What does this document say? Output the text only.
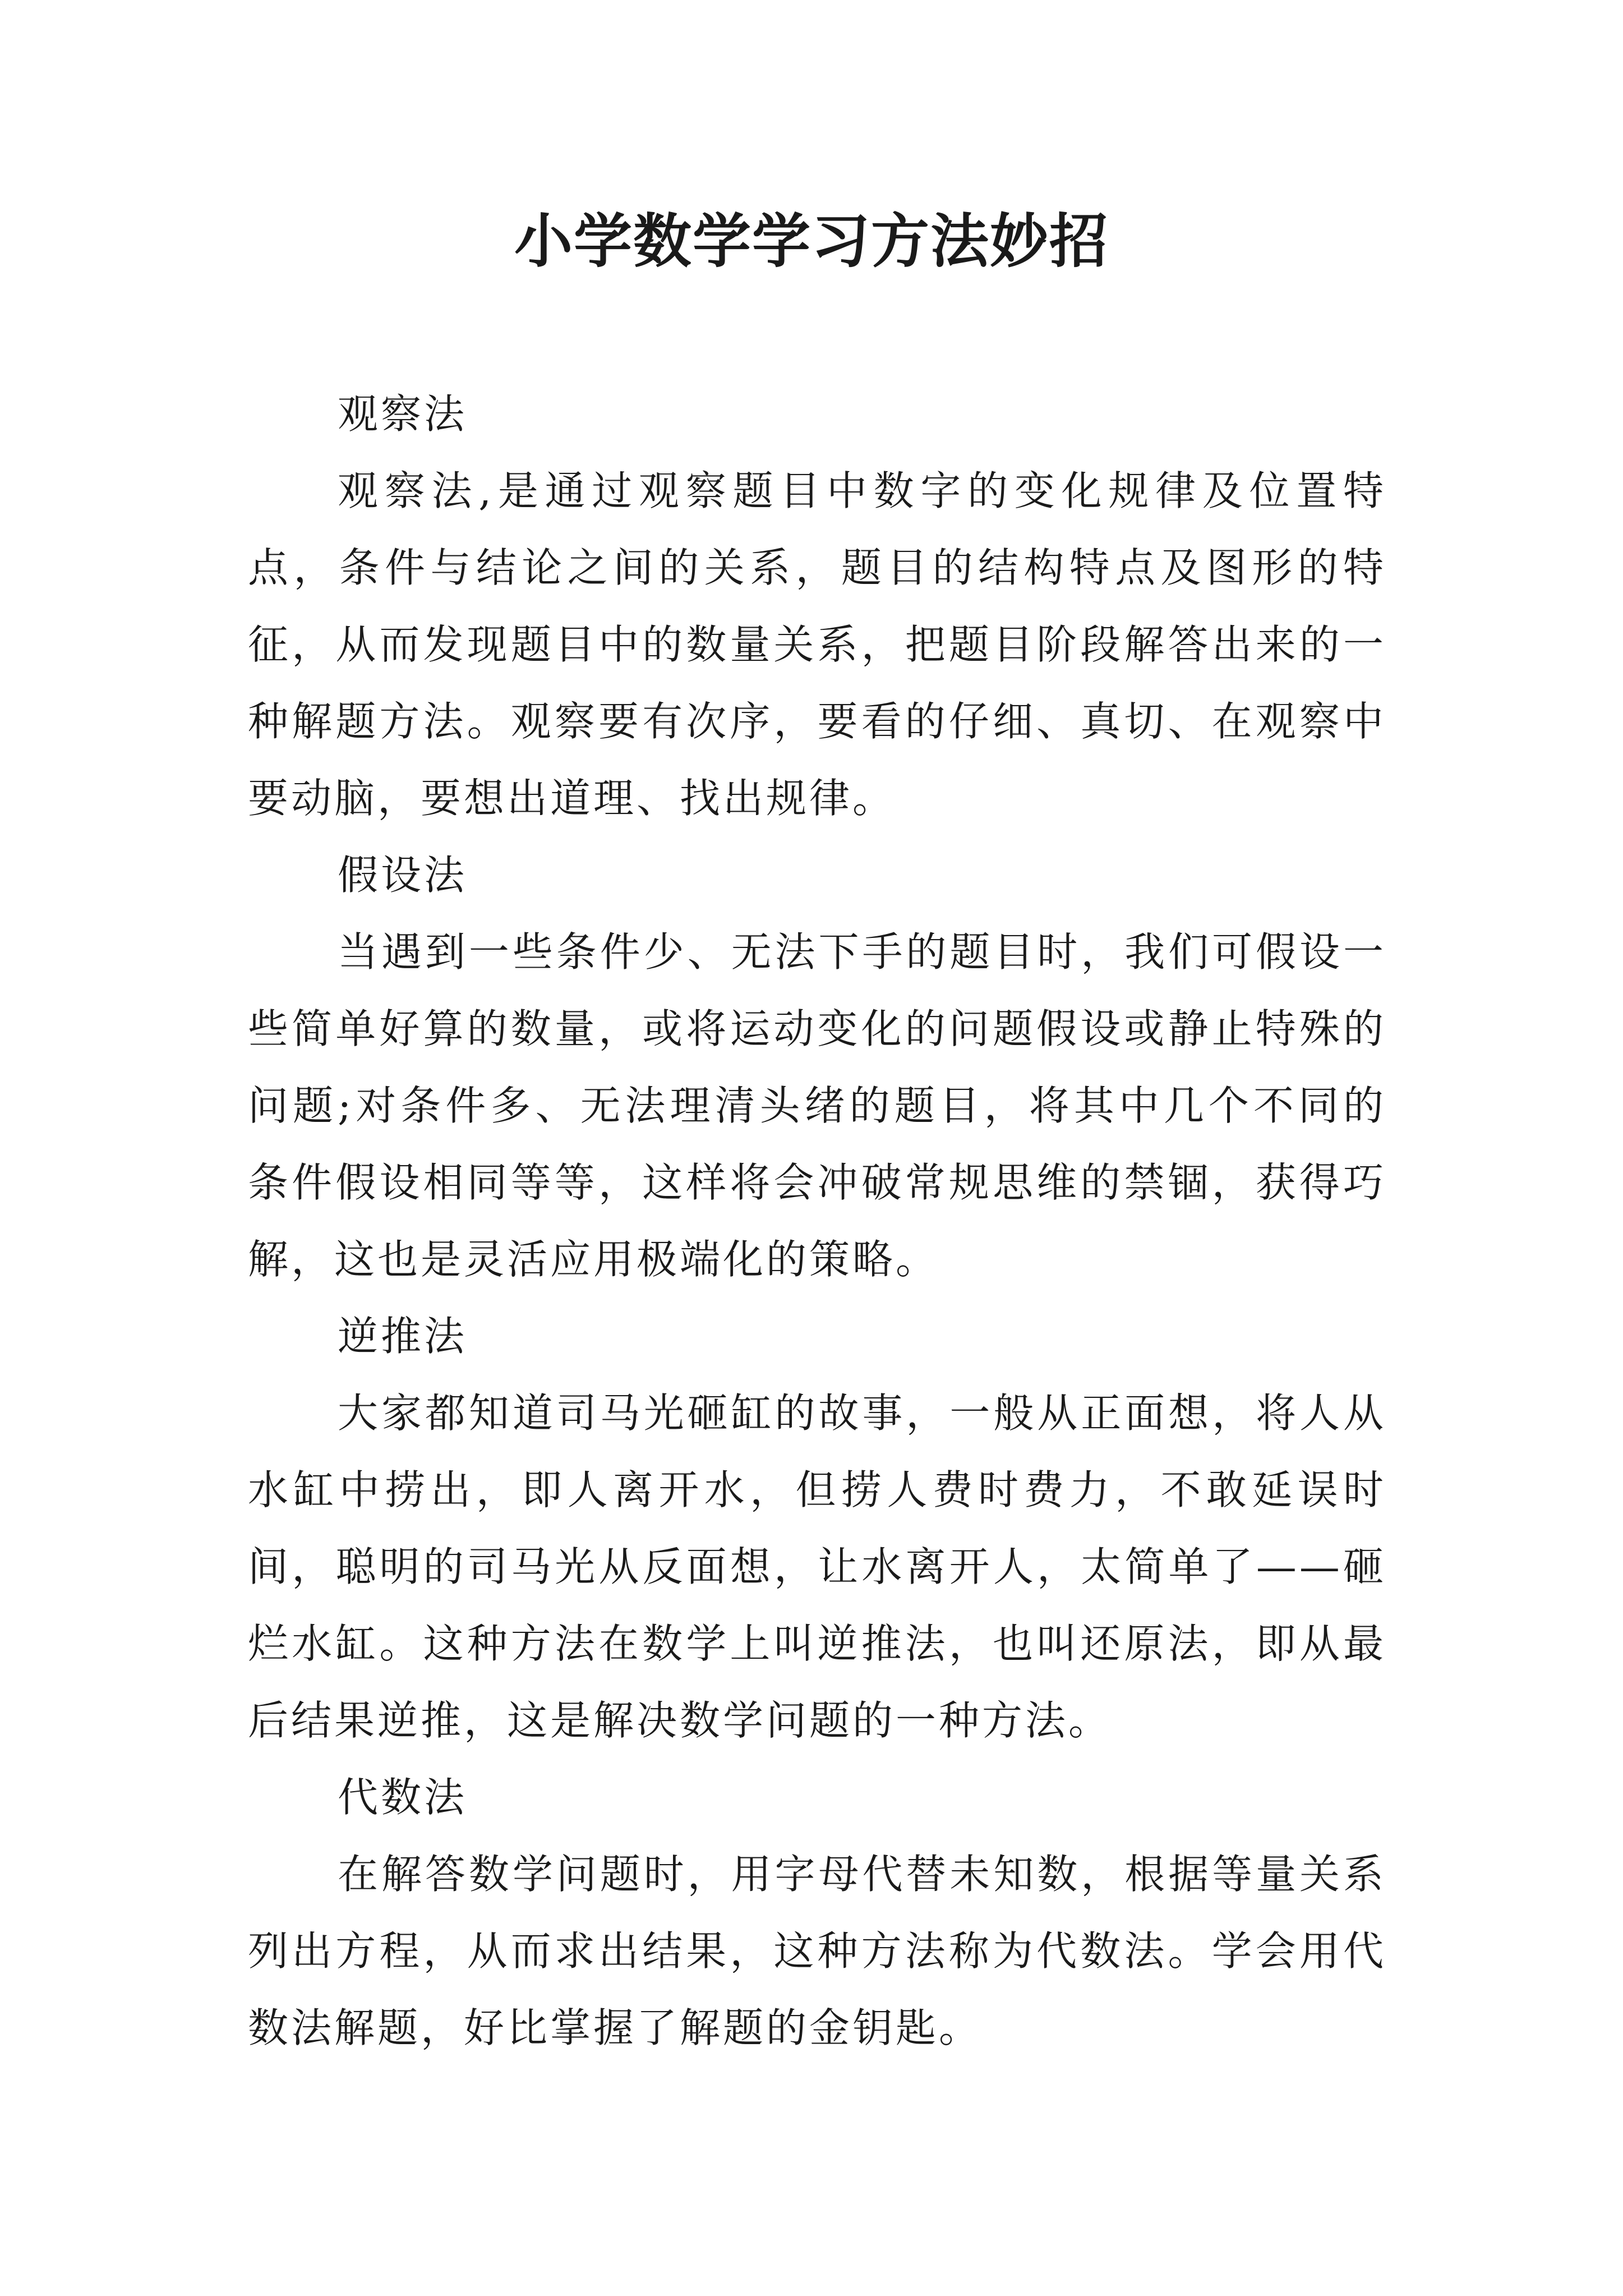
小学数学学习方法妙招

观察法

观察法,是通过观察题目中数字的变化规律及位置特点，条件与结论之间的关系，题目的结构特点及图形的特征，从而发现题目中的数量关系，把题目阶段解答出来的一种解题方法。观察要有次序，要看的仔细、真切、在观察中要动脑，要想出道理、找出规律。

假设法

当遇到一些条件少、无法下手的题目时，我们可假设一些简单好算的数量，或将运动变化的问题假设或静止特殊的问题;对条件多、无法理清头绪的题目，将其中几个不同的条件假设相同等等，这样将会冲破常规思维的禁锢，获得巧解，这也是灵活应用极端化的策略。

逆推法

大家都知道司马光砸缸的故事，一般从正面想，将人从水缸中捞出，即人离开水，但捞人费时费力，不敢延误时间，聪明的司马光从反面想，让水离开人，太简单了——砸烂水缸。这种方法在数学上叫逆推法，也叫还原法，即从最后结果逆推，这是解决数学问题的一种方法。

代数法

在解答数学问题时，用字母代替未知数，根据等量关系列出方程，从而求出结果，这种方法称为代数法。学会用代数法解题，好比掌握了解题的金钥匙。
